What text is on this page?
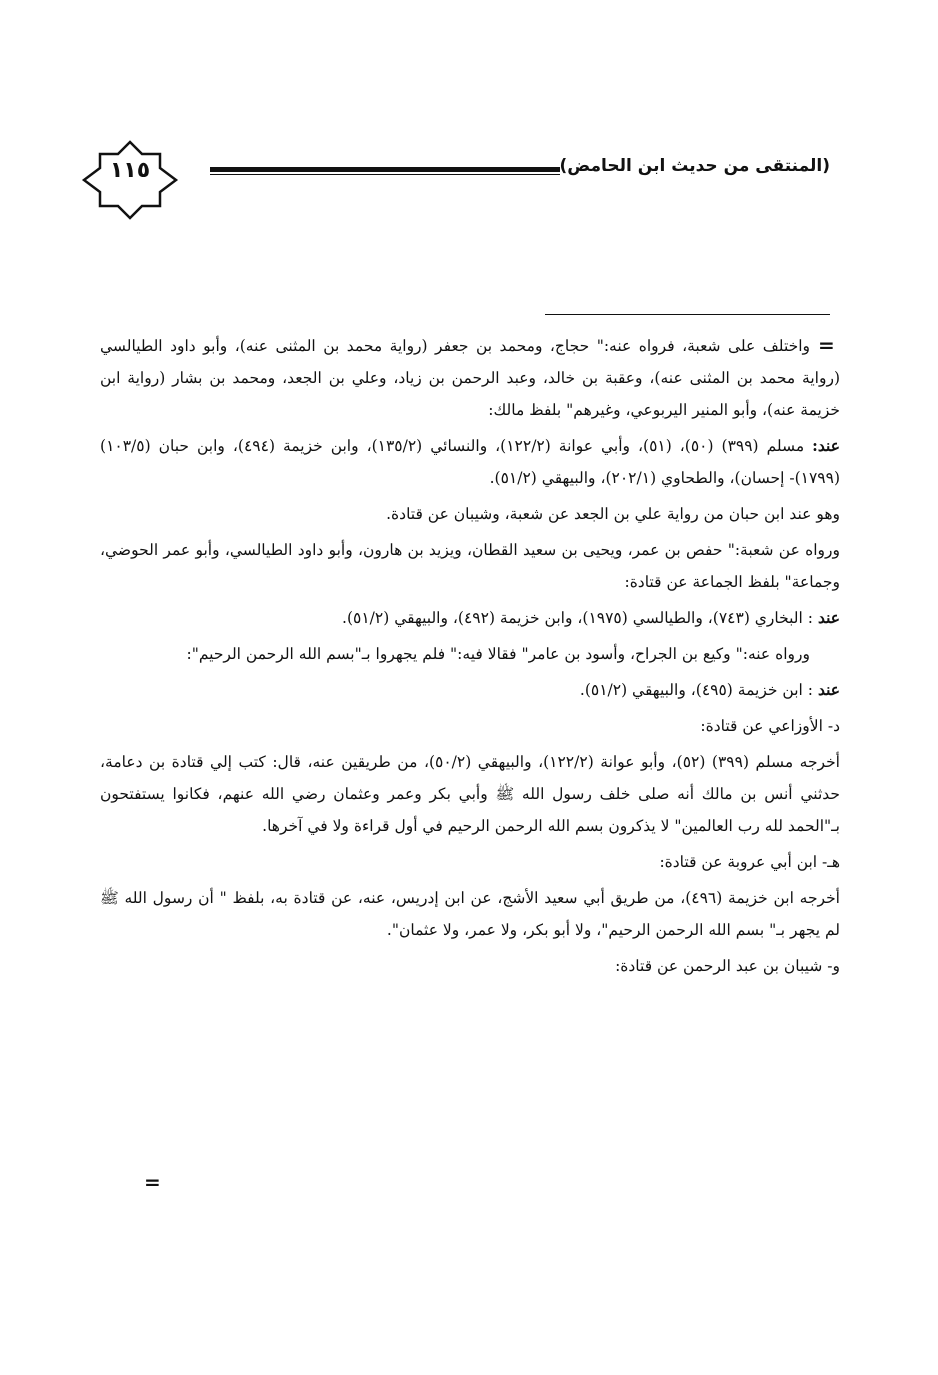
١١٥	(المنتقى من حديث ابن الحامض)
=
=

واختلف على شعبة، فرواه عنه:" حجاج، ومحمد بن جعفر (رواية محمد بن المثنى عنه)، وأبو داود الطيالسي (رواية محمد بن المثنى عنه)، وعقبة بن خالد، وعبد الرحمن بن زياد، وعلي بن الجعد، ومحمد بن بشار (رواية ابن خزيمة عنه)، وأبو المنير اليربوعي، وغيرهم" بلفظ مالك:

عند: مسلم (٣٩٩) (٥٠)، (٥١)، وأبي عوانة (١٢٢/٢)، والنسائي (١٣٥/٢)، وابن خزيمة (٤٩٤)، وابن حبان (١٠٣/٥) (١٧٩٩)- إحسان)، والطحاوي (٢٠٢/١)، والبيهقي (٥١/٢).

وهو عند ابن حبان من رواية علي بن الجعد عن شعبة، وشيبان عن قتادة.

ورواه عن شعبة:" حفص بن عمر، ويحيى بن سعيد القطان، ويزيد بن هارون، وأبو داود الطيالسي، وأبو عمر الحوضي، وجماعة" بلفظ الجماعة عن قتادة:

عند : البخاري (٧٤٣)، والطيالسي (١٩٧٥)، وابن خزيمة (٤٩٢)، والبيهقي (٥١/٢).

ورواه عنه:" وكيع بن الجراح، وأسود بن عامر" فقالا فيه:" فلم يجهروا بـ"بسم الله الرحمن الرحيم":

عند : ابن خزيمة (٤٩٥)، والبيهقي (٥١/٢).

د- الأوزاعي عن قتادة:

أخرجه مسلم (٣٩٩) (٥٢)، وأبو عوانة (١٢٢/٢)، والبيهقي (٥٠/٢)، من طريقين عنه، قال: كتب إلي قتادة بن دعامة، حدثني أنس بن مالك أنه صلى خلف رسول الله ﷺ وأبي بكر وعمر وعثمان رضي الله عنهم، فكانوا يستفتحون بـ"الحمد لله رب العالمين" لا يذكرون بسم الله الرحمن الرحيم في أول قراءة ولا في آخرها.

هـ- ابن أبي عروبة عن قتادة:

أخرجه ابن خزيمة (٤٩٦)، من طريق أبي سعيد الأشج، عن ابن إدريس، عنه، عن قتادة به، بلفظ " أن رسول الله ﷺ لم يجهر بـ" بسم الله الرحمن الرحيم"، ولا أبو بكر، ولا عمر، ولا عثمان".

و- شيبان بن عبد الرحمن عن قتادة:
